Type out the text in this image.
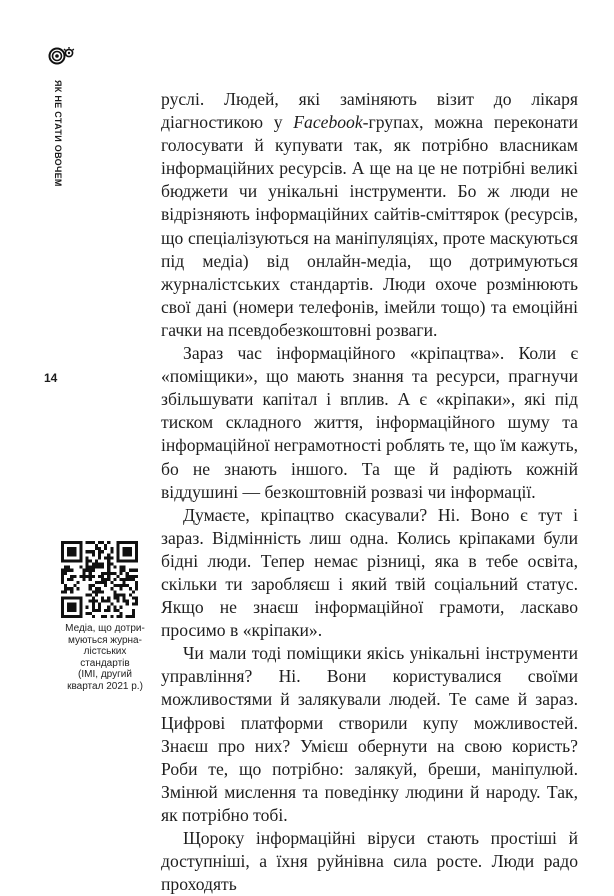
ЯК НЕ СТАТИ ОВОЧЕМ
14
Медіа, що дотри-
муються журна-
лістських
стандартів
(ІМІ, другий
квартал 2021 р.)

руслі. Людей, які заміняють візит до лікаря діагностикою у Facebook-групах, можна переконати голосувати й купувати так, як потрібно власникам інформаційних ресурсів. А ще на це не потрібні великі бюджети чи унікальні інструменти. Бо ж люди не відрізняють інформаційних сайтів-сміттярок (ресурсів, що спеціалізуються на маніпуляціях, проте маскуються під медіа) від онлайн-медіа, що дотримуються журналістських стандартів. Люди охоче розмінюють свої дані (номери телефонів, імейли тощо) та емоційні гачки на псевдобезкоштовні розваги.

Зараз час інформаційного «кріпацтва». Коли є «поміщики», що мають знання та ресурси, прагнучи збільшувати капітал і вплив. А є «кріпаки», які під тиском складного життя, інформаційного шуму та інформаційної неграмотності роблять те, що їм кажуть, бо не знають іншого. Та ще й радіють кожній віддушині — безкоштовній розвазі чи інформації.

Думаєте, кріпацтво скасували? Ні. Воно є тут і зараз. Відмінність лиш одна. Колись кріпаками були бідні люди. Тепер немає різниці, яка в тебе освіта, скільки ти заробляєш і який твій соціальний статус. Якщо не знаєш інформаційної грамоти, ласкаво просимо в «кріпаки».

Чи мали тоді поміщики якісь унікальні інструменти управління? Ні. Вони користувалися своїми можливостями й залякували людей. Те саме й зараз. Цифрові платформи створили купу можливостей. Знаєш про них? Умієш обернути на свою користь? Роби те, що потрібно: залякуй, бреши, маніпулюй. Змінюй мислення та поведінку людини й народу. Так, як потрібно тобі.

Щороку інформаційні віруси стають простіші й доступніші, а їхня руйнівна сила росте. Люди радо проходять
